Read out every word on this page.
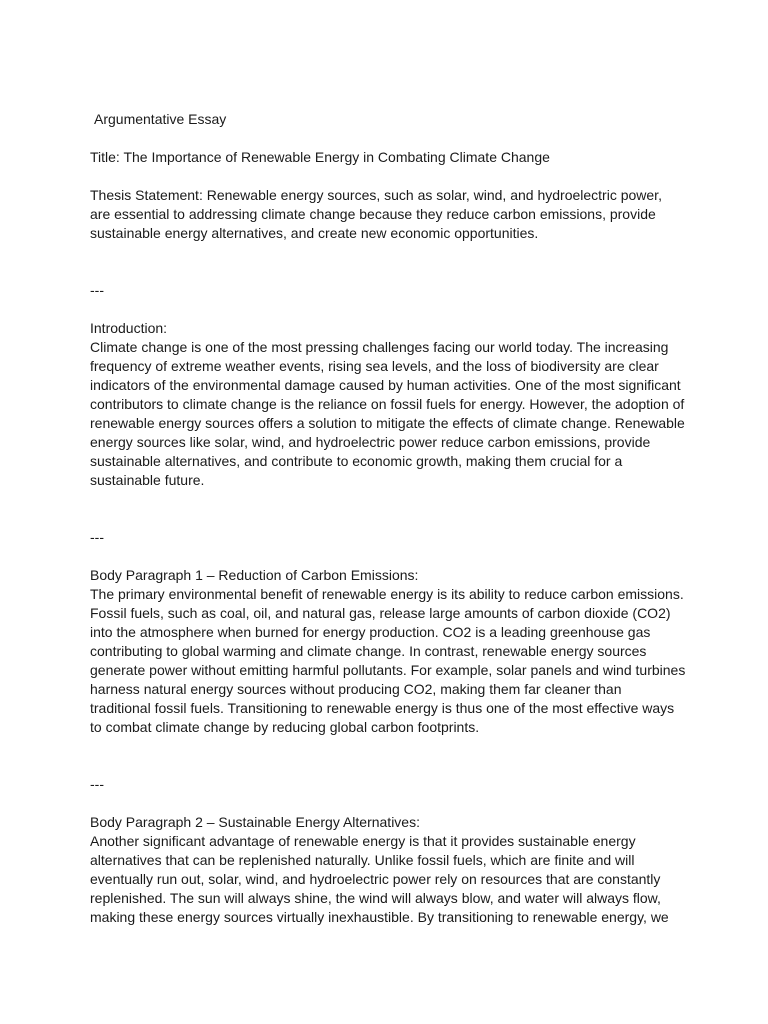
Argumentative Essay
Title: The Importance of Renewable Energy in Combating Climate Change
Thesis Statement: Renewable energy sources, such as solar, wind, and hydroelectric power,
are essential to addressing climate change because they reduce carbon emissions, provide
sustainable energy alternatives, and create new economic opportunities.
---
Introduction:
Climate change is one of the most pressing challenges facing our world today. The increasing
frequency of extreme weather events, rising sea levels, and the loss of biodiversity are clear
indicators of the environmental damage caused by human activities. One of the most significant
contributors to climate change is the reliance on fossil fuels for energy. However, the adoption of
renewable energy sources offers a solution to mitigate the effects of climate change. Renewable
energy sources like solar, wind, and hydroelectric power reduce carbon emissions, provide
sustainable alternatives, and contribute to economic growth, making them crucial for a
sustainable future.
---
Body Paragraph 1 – Reduction of Carbon Emissions:
The primary environmental benefit of renewable energy is its ability to reduce carbon emissions.
Fossil fuels, such as coal, oil, and natural gas, release large amounts of carbon dioxide (CO2)
into the atmosphere when burned for energy production. CO2 is a leading greenhouse gas
contributing to global warming and climate change. In contrast, renewable energy sources
generate power without emitting harmful pollutants. For example, solar panels and wind turbines
harness natural energy sources without producing CO2, making them far cleaner than
traditional fossil fuels. Transitioning to renewable energy is thus one of the most effective ways
to combat climate change by reducing global carbon footprints.
---
Body Paragraph 2 – Sustainable Energy Alternatives:
Another significant advantage of renewable energy is that it provides sustainable energy
alternatives that can be replenished naturally. Unlike fossil fuels, which are finite and will
eventually run out, solar, wind, and hydroelectric power rely on resources that are constantly
replenished. The sun will always shine, the wind will always blow, and water will always flow,
making these energy sources virtually inexhaustible. By transitioning to renewable energy, we
